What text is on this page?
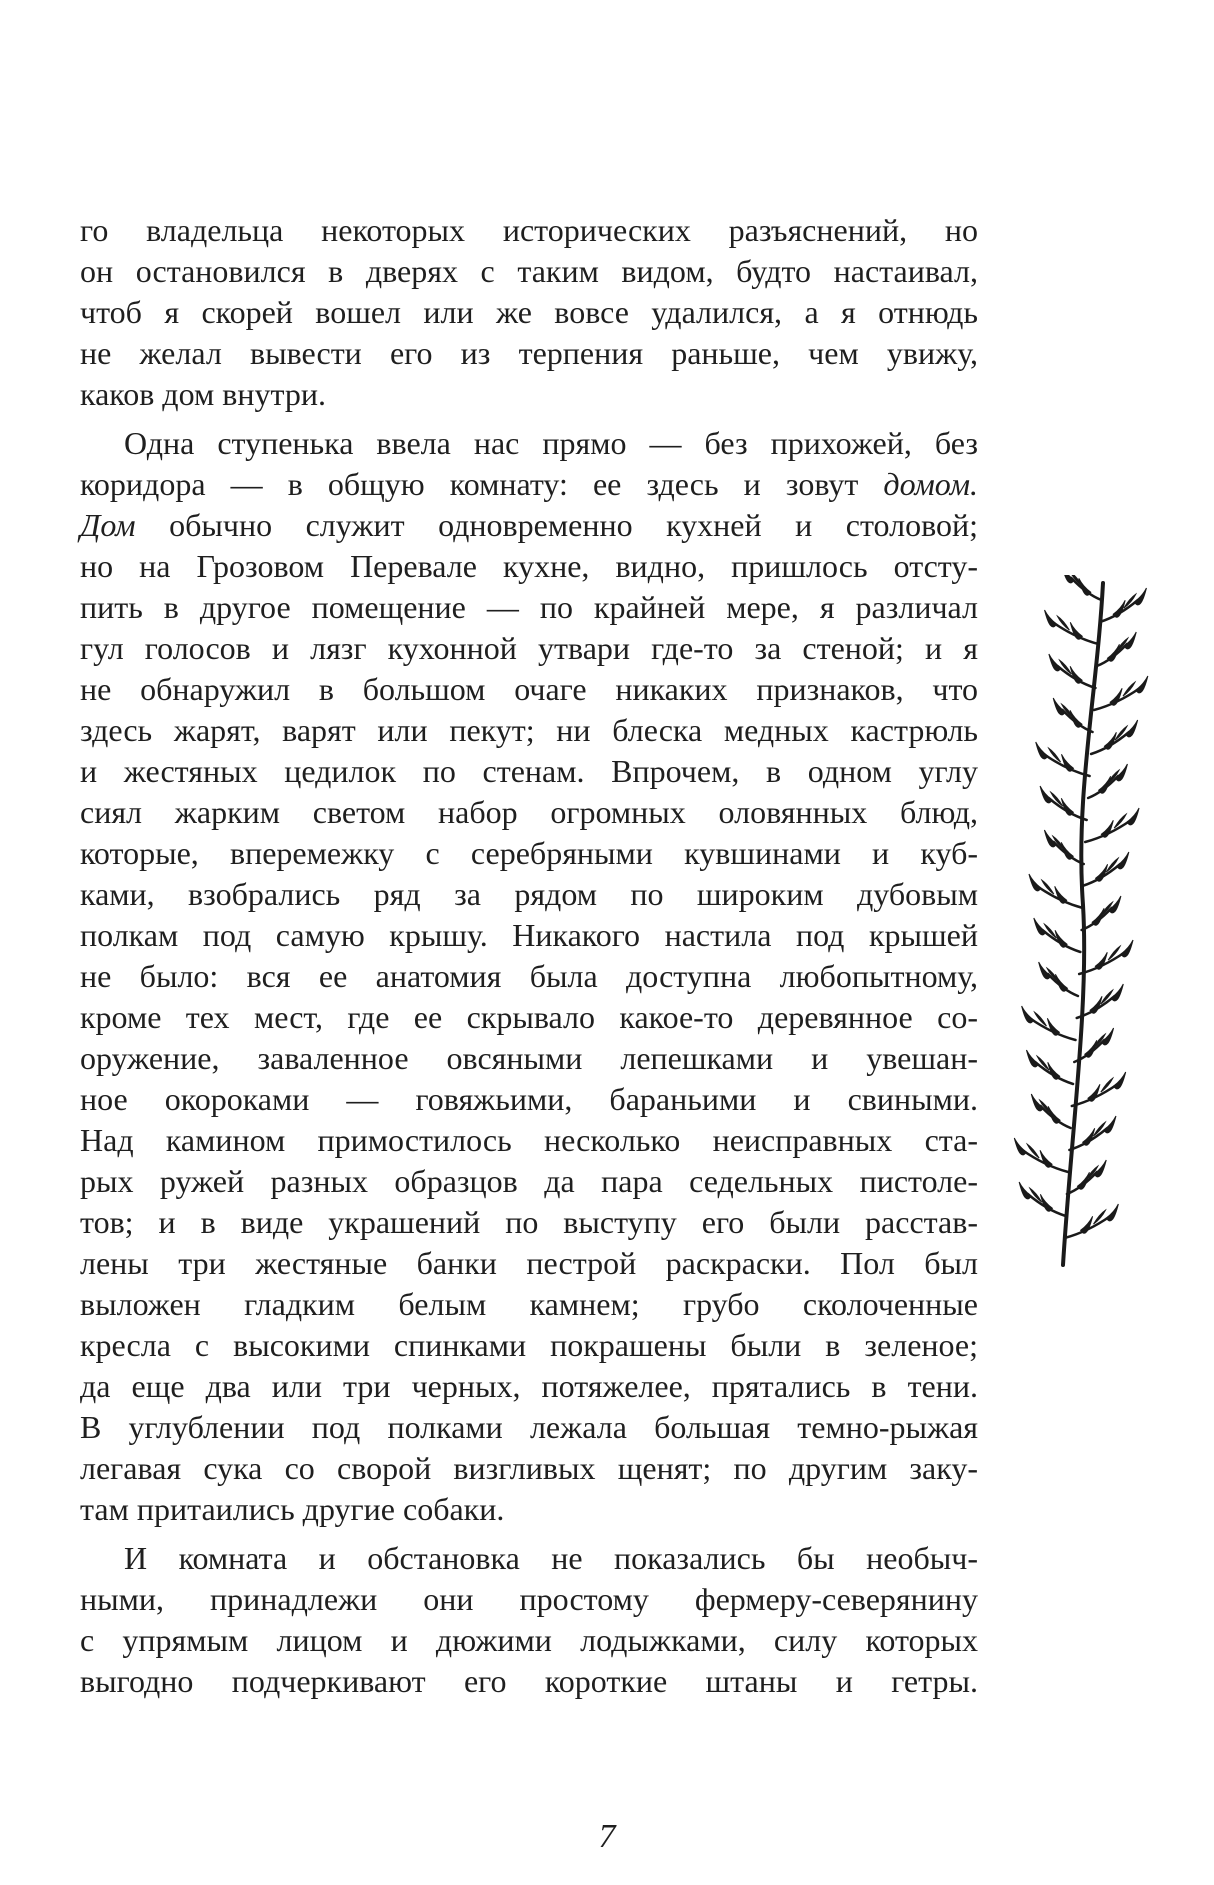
го владельца некоторых исторических разъяснений, но
он остановился в дверях с таким видом, будто настаивал,
чтоб я скорей вошел или же вовсе удалился, а я отнюдь
не желал вывести его из терпения раньше, чем увижу,
каков дом внутри.
Одна ступенька ввела нас прямо — без прихожей, без
коридора — в общую комнату: ее здесь и зовут домом.
Дом обычно служит одновременно кухней и столовой;
но на Грозовом Перевале кухне, видно, пришлось отсту-
пить в другое помещение — по крайней мере, я различал
гул голосов и лязг кухонной утвари где-то за стеной; и я
не обнаружил в большом очаге никаких признаков, что
здесь жарят, варят или пекут; ни блеска медных кастрюль
и жестяных цедилок по стенам. Впрочем, в одном углу
сиял жарким светом набор огромных оловянных блюд,
которые, вперемежку с серебряными кувшинами и куб-
ками, взобрались ряд за рядом по широким дубовым
полкам под самую крышу. Никакого настила под крышей
не было: вся ее анатомия была доступна любопытному,
кроме тех мест, где ее скрывало какое-то деревянное со-
оружение, заваленное овсяными лепешками и увешан-
ное окороками — говяжьими, бараньими и свиными.
Над камином примостилось несколько неисправных ста-
рых ружей разных образцов да пара седельных пистоле-
тов; и в виде украшений по выступу его были расстав-
лены три жестяные банки пестрой раскраски. Пол был
выложен гладким белым камнем; грубо сколоченные
кресла с высокими спинками покрашены были в зеленое;
да еще два или три черных, потяжелее, прятались в тени.
В углублении под полками лежала большая темно-рыжая
легавая сука со сворой визгливых щенят; по другим заку-
там притаились другие собаки.
И комната и обстановка не показались бы необыч-
ными, принадлежи они простому фермеру-северянину
с упрямым лицом и дюжими лодыжками, силу которых
выгодно подчеркивают его короткие штаны и гетры.
7
